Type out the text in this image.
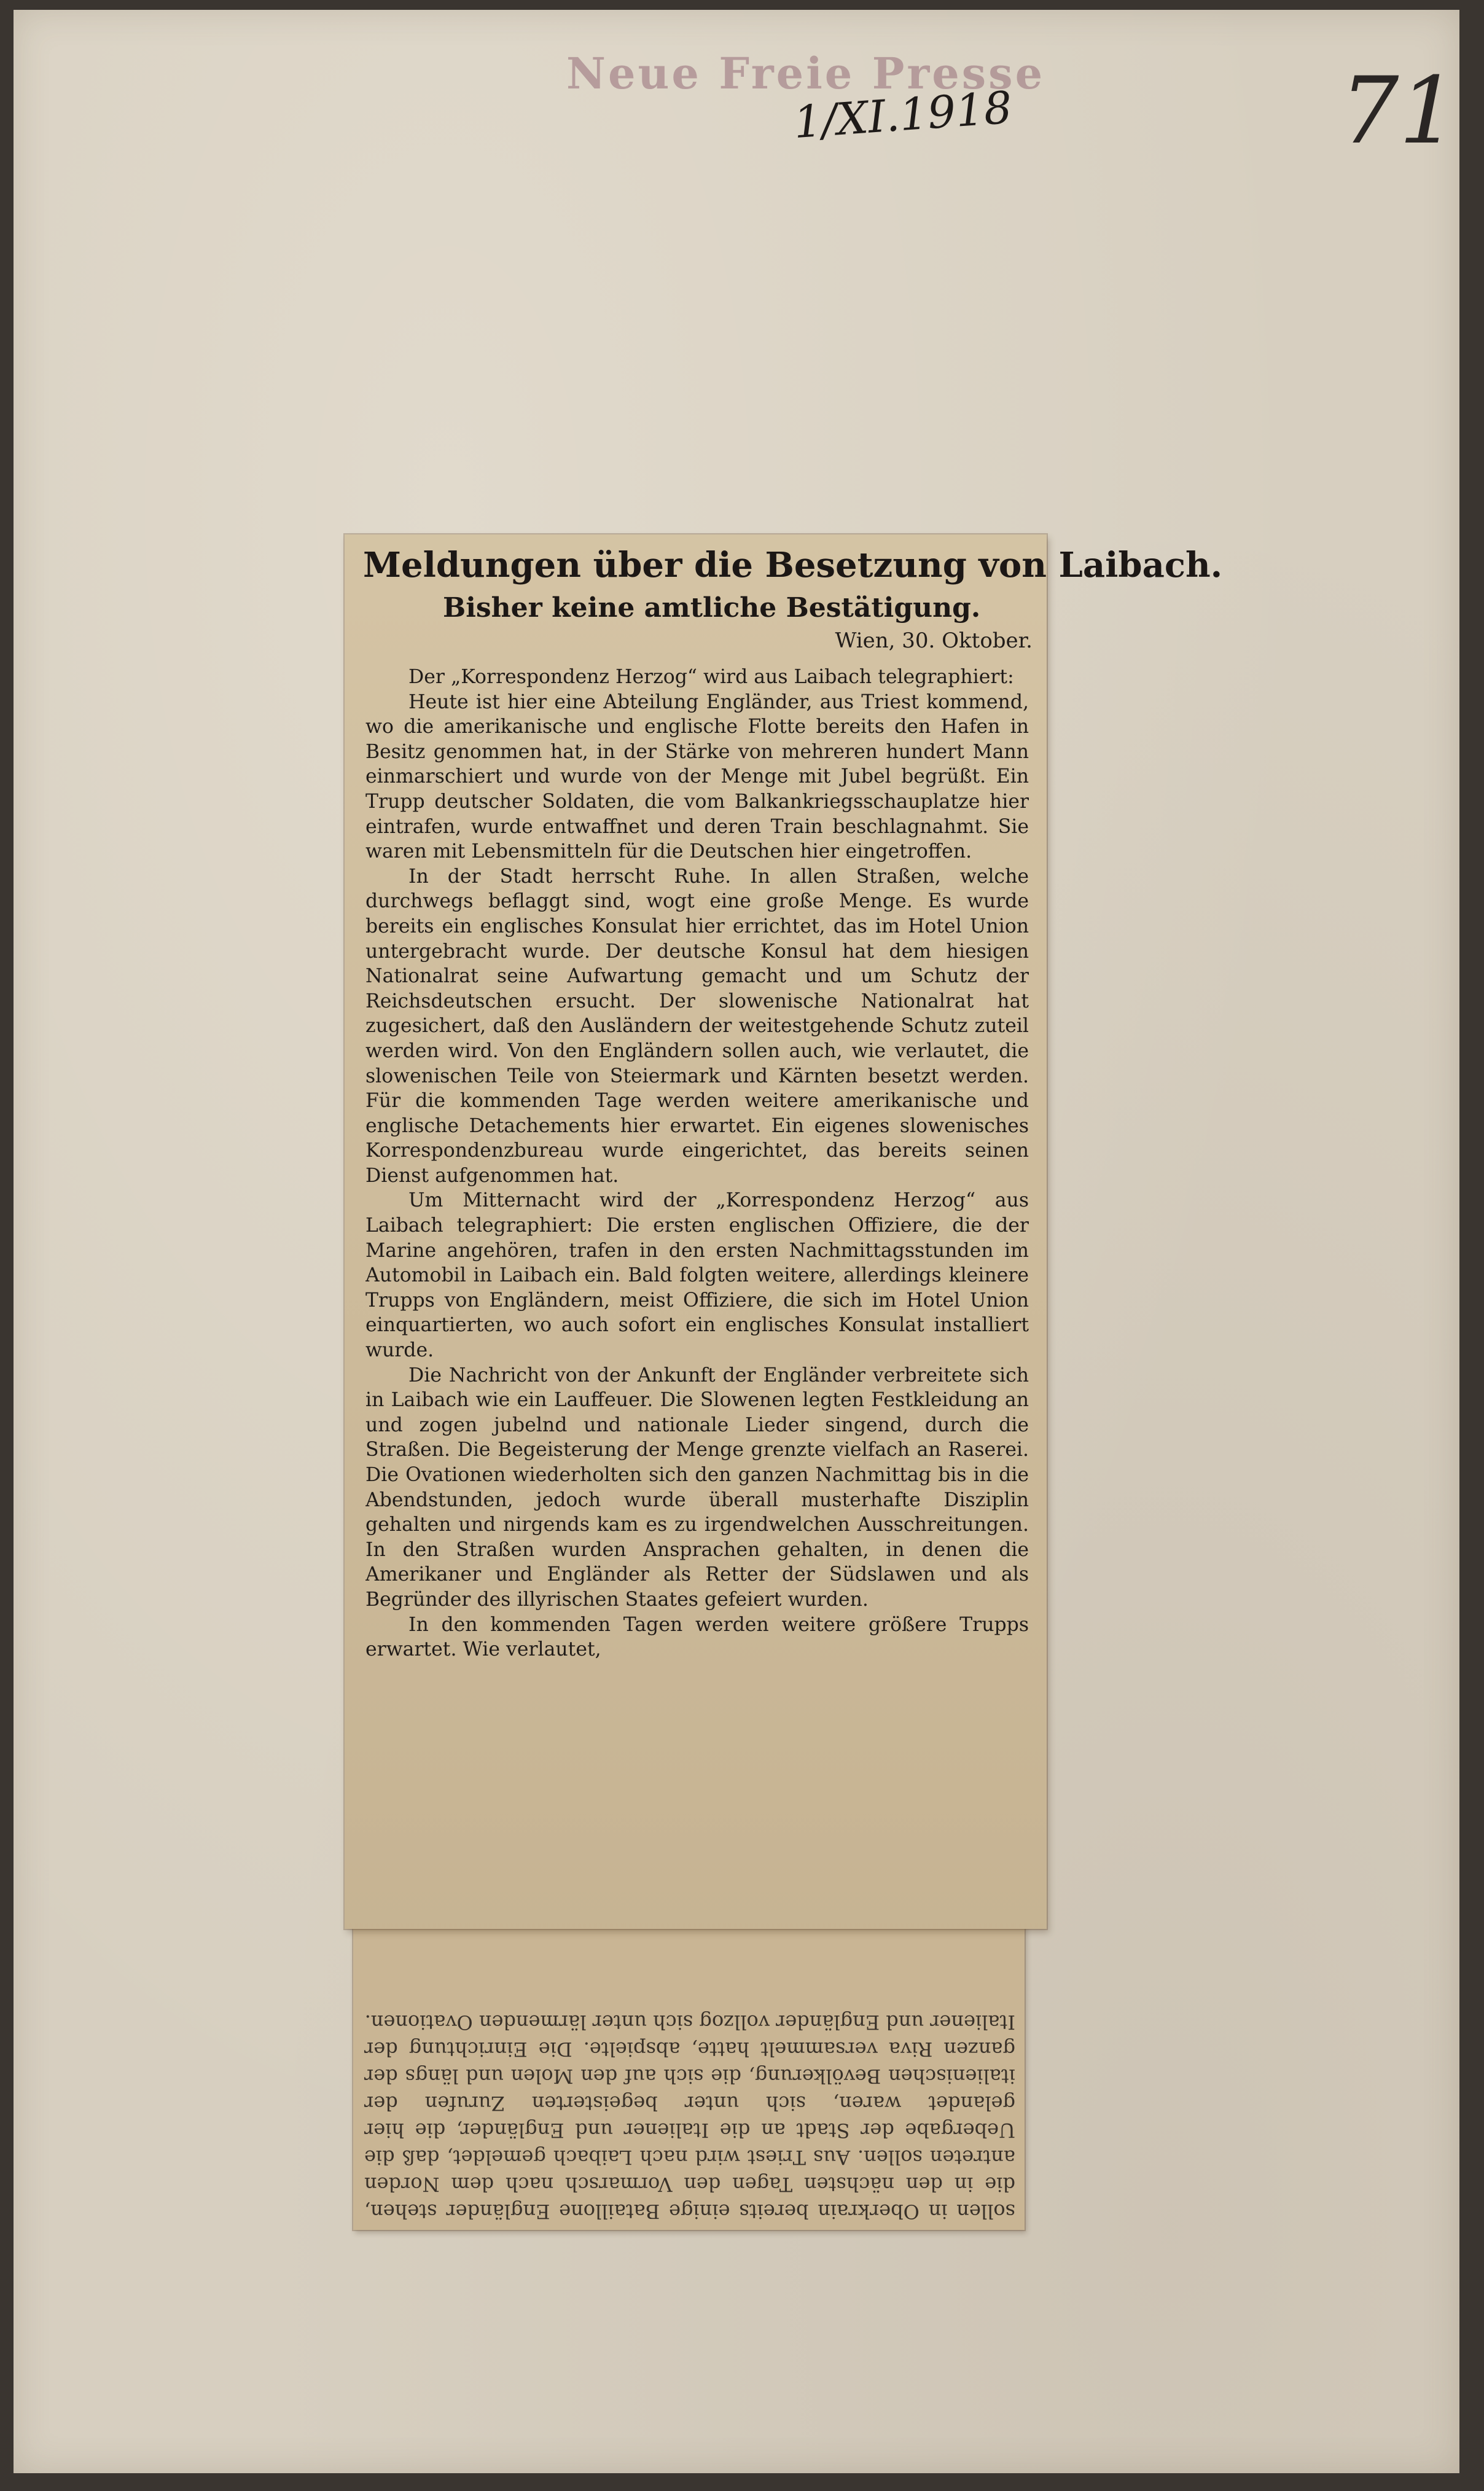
Neue Freie Presse
1/XI.1918	71
sollen in Oberkrain bereits einige Bataillone Engländer stehen, die in den nächsten Tagen den Vormarsch nach dem Norden antreten sollen. Aus Triest wird nach Laibach gemeldet, daß die Uebergabe der Stadt an die Italiener und Engländer, die hier gelandet waren, sich unter begeisterten Zurufen der italienischen Bevölkerung, die sich auf den Molen und längs der ganzen Riva versammelt hatte, abspielte. Die Einrichtung der Italiener und Engländer vollzog sich unter lärmenden Ovationen.
Meldungen über die Besetzung von Laibach.
Bisher keine amtliche Bestätigung.
Wien, 30. Oktober.

Der „Korrespondenz Herzog“ wird aus Laibach telegraphiert:

Heute ist hier eine Abteilung Engländer, aus Triest kommend, wo die amerikanische und englische Flotte bereits den Hafen in Besitz genommen hat, in der Stärke von mehreren hundert Mann einmarschiert und wurde von der Menge mit Jubel begrüßt. Ein Trupp deutscher Soldaten, die vom Balkankriegsschauplatze hier eintrafen, wurde entwaffnet und deren Train beschlagnahmt. Sie waren mit Lebensmitteln für die Deutschen hier eingetroffen.

In der Stadt herrscht Ruhe. In allen Straßen, welche durchwegs beflaggt sind, wogt eine große Menge. Es wurde bereits ein englisches Konsulat hier errichtet, das im Hotel Union untergebracht wurde. Der deutsche Konsul hat dem hiesigen Nationalrat seine Aufwartung gemacht und um Schutz der Reichsdeutschen ersucht. Der slowenische Nationalrat hat zugesichert, daß den Ausländern der weitestgehende Schutz zuteil werden wird. Von den Engländern sollen auch, wie verlautet, die slowenischen Teile von Steiermark und Kärnten besetzt werden. Für die kommenden Tage werden weitere amerikanische und englische Detachements hier erwartet. Ein eigenes slowenisches Korrespondenzbureau wurde eingerichtet, das bereits seinen Dienst aufgenommen hat.

Um Mitternacht wird der „Korrespondenz Herzog“ aus Laibach telegraphiert: Die ersten englischen Offiziere, die der Marine angehören, trafen in den ersten Nachmittagsstunden im Automobil in Laibach ein. Bald folgten weitere, allerdings kleinere Trupps von Engländern, meist Offiziere, die sich im Hotel Union einquartierten, wo auch sofort ein englisches Konsulat installiert wurde.

Die Nachricht von der Ankunft der Engländer verbreitete sich in Laibach wie ein Lauffeuer. Die Slowenen legten Festkleidung an und zogen jubelnd und nationale Lieder singend, durch die Straßen. Die Begeisterung der Menge grenzte vielfach an Raserei. Die Ovationen wiederholten sich den ganzen Nachmittag bis in die Abendstunden, jedoch wurde überall musterhafte Disziplin gehalten und nirgends kam es zu irgendwelchen Ausschreitungen. In den Straßen wurden Ansprachen gehalten, in denen die Amerikaner und Engländer als Retter der Südslawen und als Begründer des illyrischen Staates gefeiert wurden.

In den kommenden Tagen werden weitere größere Trupps erwartet. Wie verlautet,
